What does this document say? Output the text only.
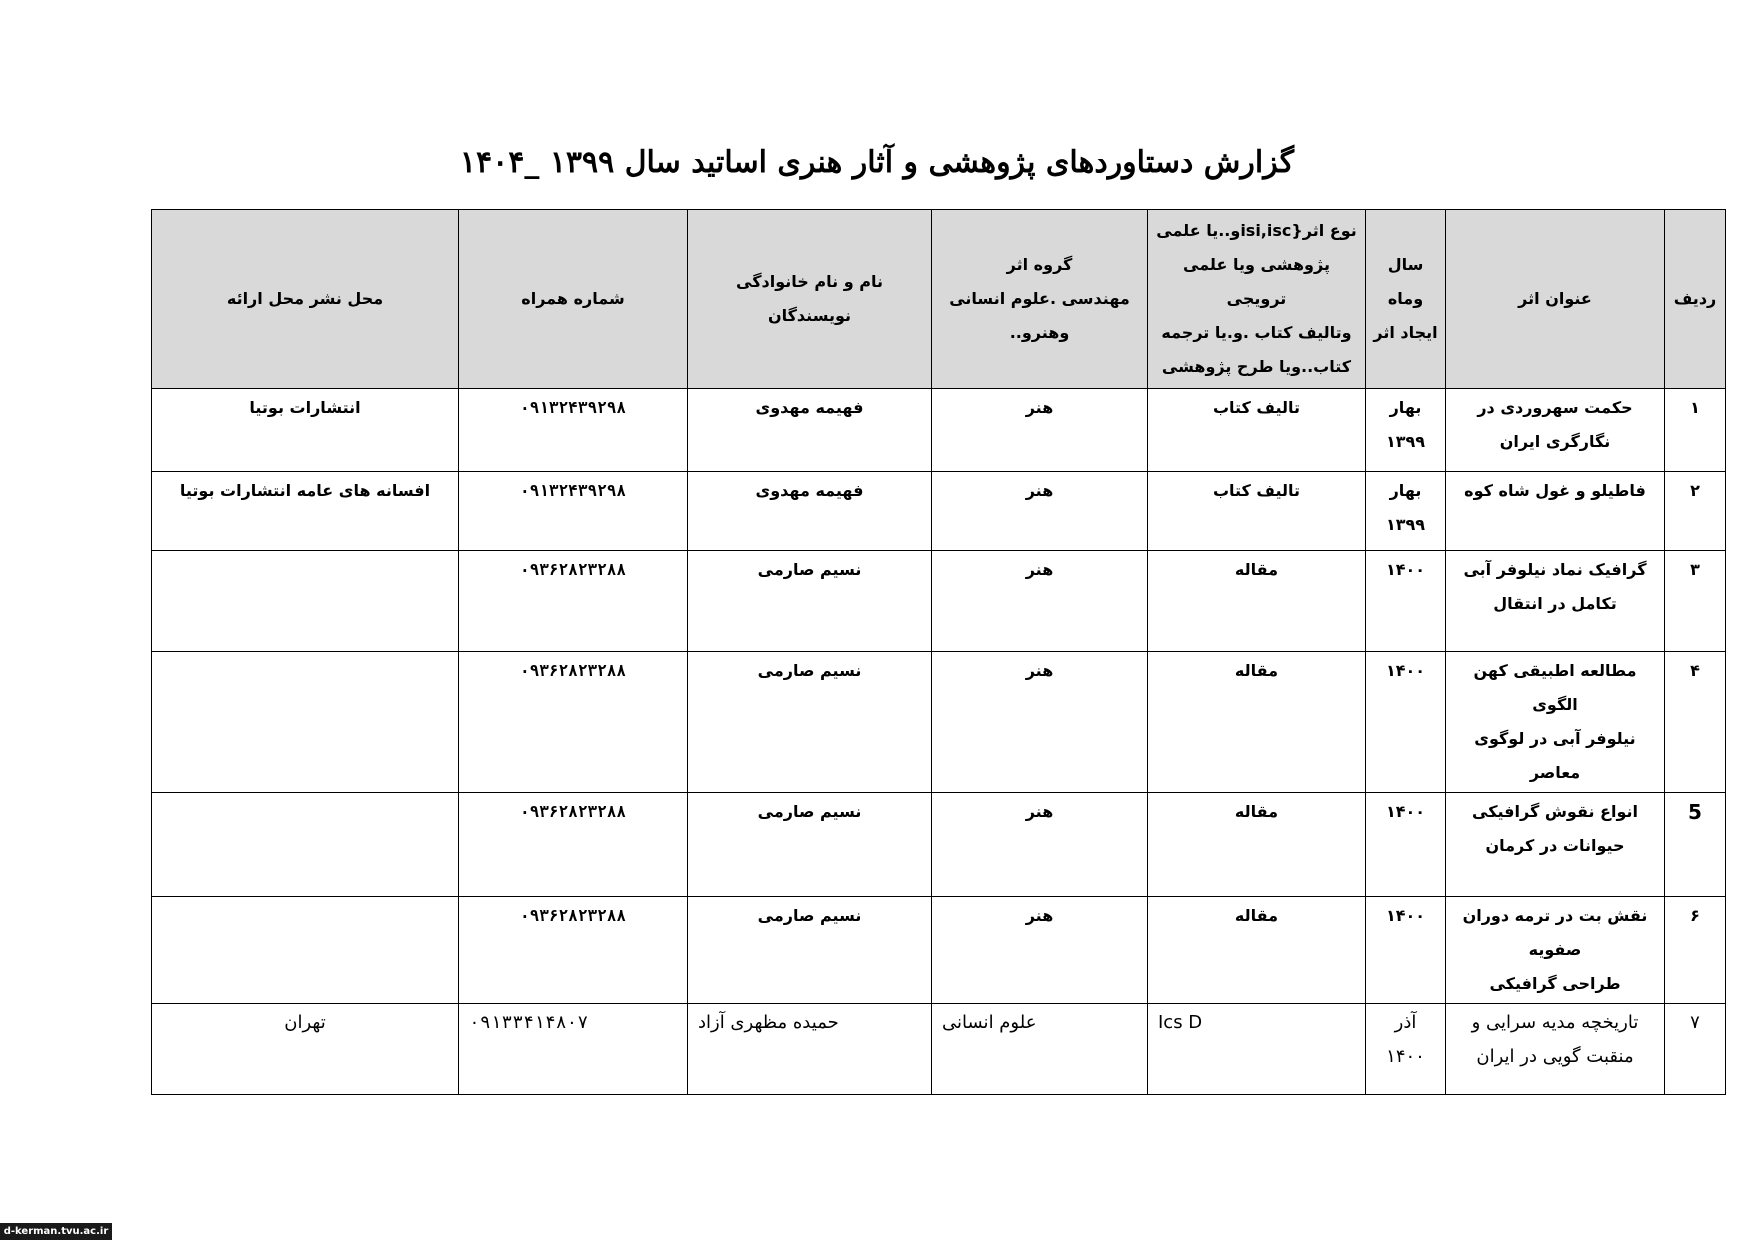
گزارش دستاوردهای پژوهشی و آثار هنری اساتید سال ۱۳۹۹ _۱۴۰۴
ردیف	عنوان اثر	سال
وماه
ایجاد اثر	نوع اثر{isi,iscو..یا علمی
پژوهشی ویا علمی ترویجی
وتالیف کتاب .و.یا ترجمه
کتاب..ویا طرح پژوهشی	گروه اثر
مهندسی .علوم انسانی
وهنرو..	نام و نام خانوادگی
نویسندگان	شماره همراه	محل نشر محل ارائه
۱	حکمت سهروردی در
نگارگری ایران	بهار
۱۳۹۹	تالیف کتاب	هنر	فهیمه مهدوی	۰۹۱۳۲۴۳۹۲۹۸	انتشارات بوتیا
۲	فاطیلو و غول شاه کوه	بهار
۱۳۹۹	تالیف کتاب	هنر	فهیمه مهدوی	۰۹۱۳۲۴۳۹۲۹۸	افسانه های عامه انتشارات بوتیا
۳	گرافیک نماد نیلوفر آبی
تکامل در انتقال	۱۴۰۰	مقاله	هنر	نسیم صارمی	۰۹۳۶۲۸۲۳۲۸۸	
۴	مطالعه اطبیقی کهن الگوی
نیلوفر آبی در لوگوی معاصر	۱۴۰۰	مقاله	هنر	نسیم صارمی	۰۹۳۶۲۸۲۳۲۸۸	
5	انواع نقوش گرافیکی
حیوانات در کرمان	۱۴۰۰	مقاله	هنر	نسیم صارمی	۰۹۳۶۲۸۲۳۲۸۸	
۶	نقش بت در ترمه دوران
صفویه
طراحی گرافیکی	۱۴۰۰	مقاله	هنر	نسیم صارمی	۰۹۳۶۲۸۲۳۲۸۸	
۷	تاریخچه مدیه سرایی و
منقبت گویی در ایران	آذر
۱۴۰۰	Ics D	علوم انسانی	حمیده مظهری آزاد	۰۹۱۳۳۴۱۴۸۰۷	تهران
d-kerman.tvu.ac.ir
